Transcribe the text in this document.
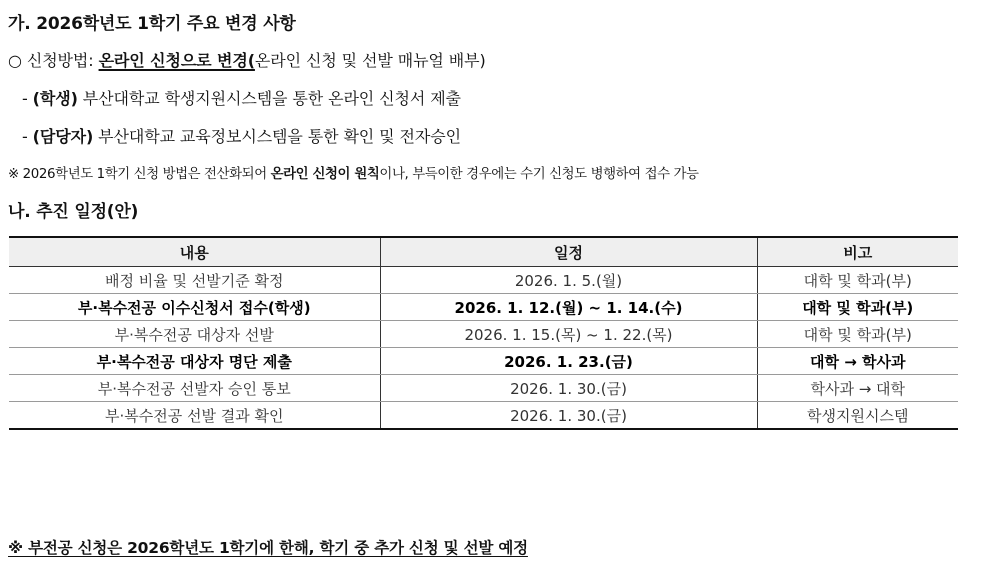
가. 2026학년도 1학기 주요 변경 사항
○ 신청방법: 온라인 신청으로 변경(온라인 신청 및 선발 매뉴얼 배부)
- (학생) 부산대학교 학생지원시스템을 통한 온라인 신청서 제출
- (담당자) 부산대학교 교육정보시스템을 통한 확인 및 전자승인
※ 2026학년도 1학기 신청 방법은 전산화되어 온라인 신청이 원칙이나, 부득이한 경우에는 수기 신청도 병행하여 접수 가능
나. 추진 일정(안)
내용	일정	비고
배정 비율 및 선발기준 확정	2026. 1. 5.(월)	대학 및 학과(부)
부·복수전공 이수신청서 접수(학생)	2026. 1. 12.(월) ~ 1. 14.(수)	대학 및 학과(부)
부·복수전공 대상자 선발	2026. 1. 15.(목) ~ 1. 22.(목)	대학 및 학과(부)
부·복수전공 대상자 명단 제출	2026. 1. 23.(금)	대학 → 학사과
부·복수전공 선발자 승인 통보	2026. 1. 30.(금)	학사과 → 대학
부·복수전공 선발 결과 확인	2026. 1. 30.(금)	학생지원시스템
※ 부전공 신청은 2026학년도 1학기에 한해, 학기 중 추가 신청 및 선발 예정
